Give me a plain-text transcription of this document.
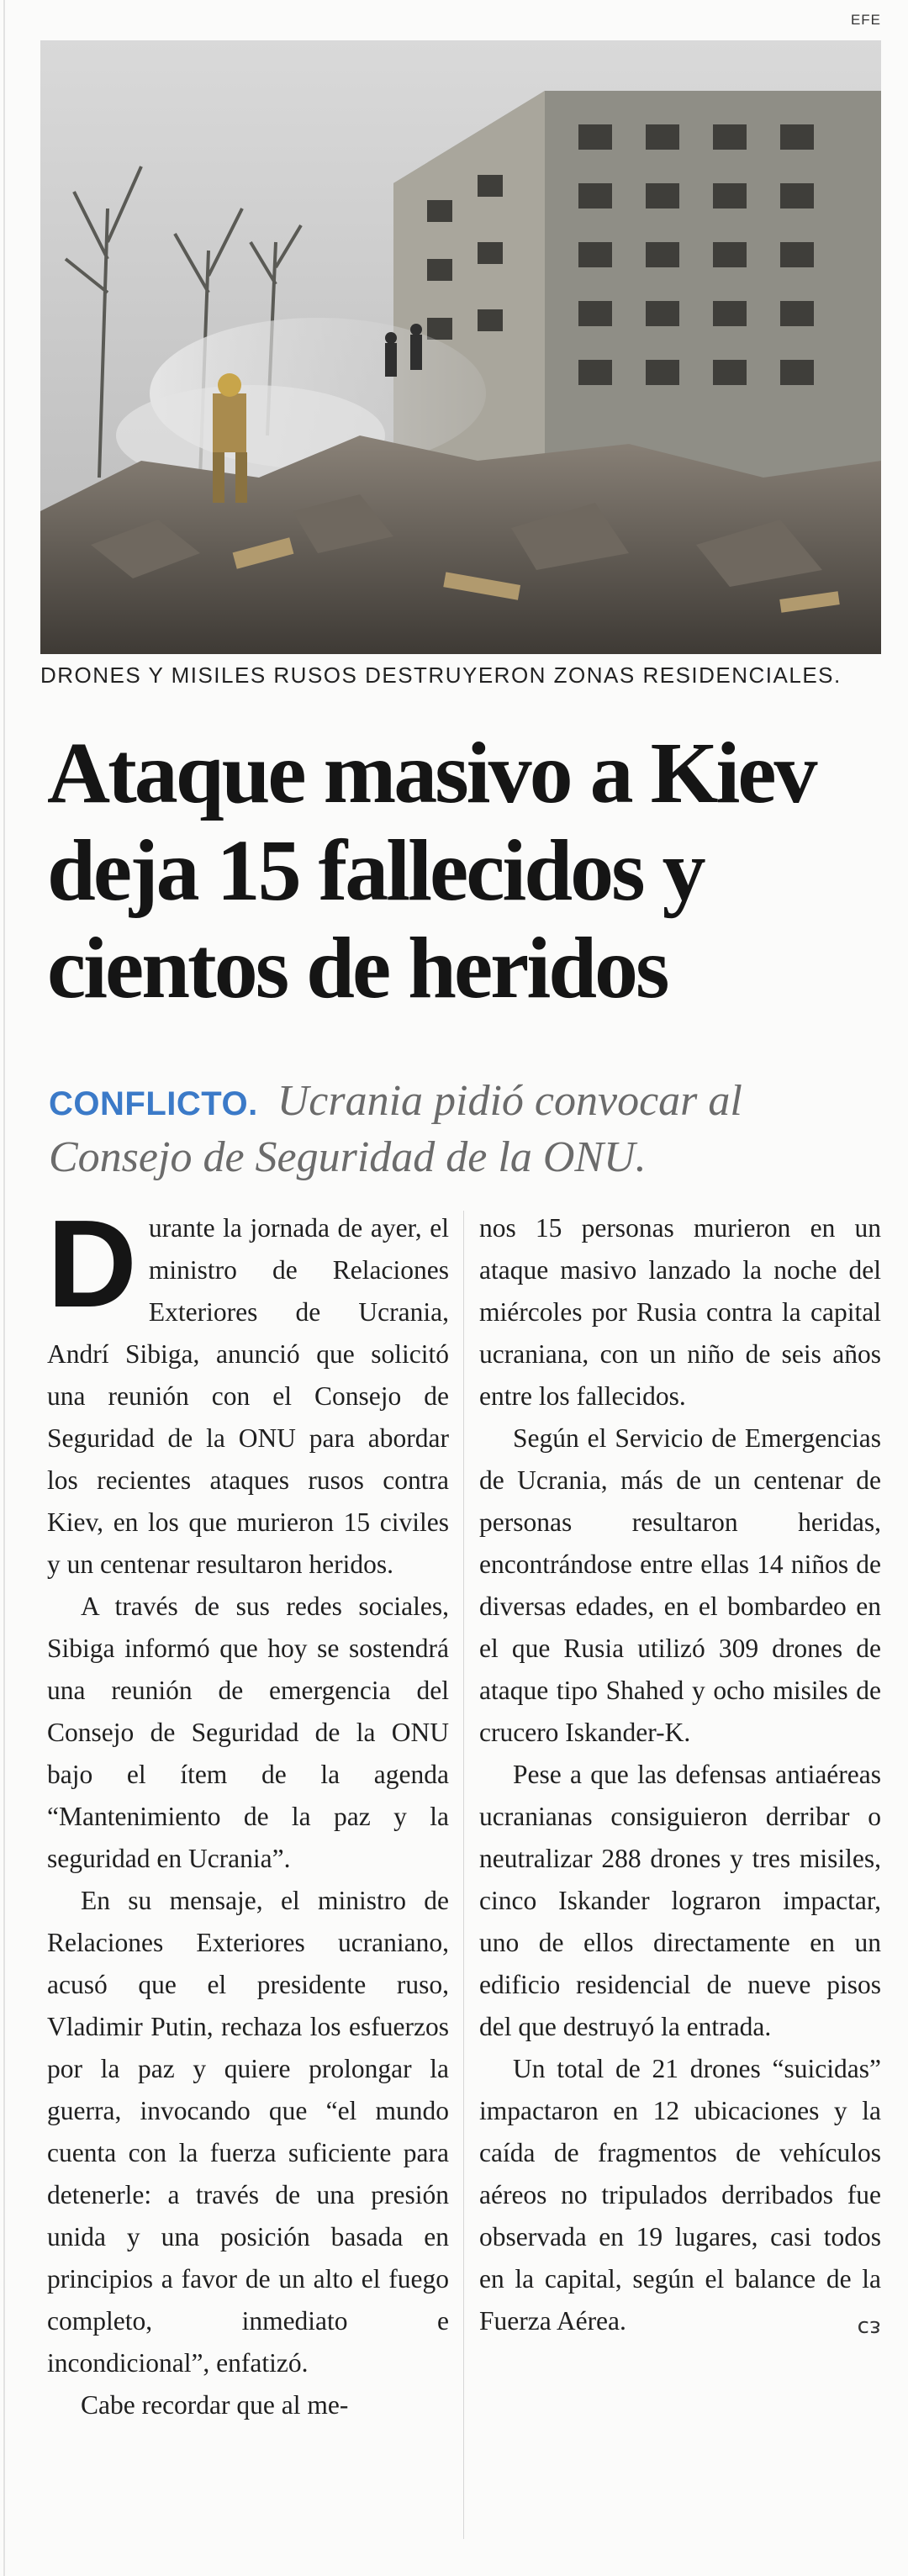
EFE
DRONES Y MISILES RUSOS DESTRUYERON ZONAS RESIDENCIALES.
Ataque masivo a Kiev
deja 15 fallecidos y
cientos de heridos

CONFLICTO. Ucrania pidió convocar al Consejo de Seguridad de la ONU.

Durante la jornada de ayer, el ministro de Relaciones Exteriores de Ucrania, Andrí Sibiga, anunció que solicitó una reunión con el Consejo de Seguridad de la ONU para abordar los recientes ataques rusos contra Kiev, en los que murieron 15 civiles y un centenar resultaron heridos.

A través de sus redes sociales, Sibiga informó que hoy se sostendrá una reunión de emergencia del Consejo de Seguridad de la ONU bajo el ítem de la agenda “Mantenimiento de la paz y la seguridad en Ucrania”.

En su mensaje, el ministro de Relaciones Exteriores ucraniano, acusó que el presidente ruso, Vladimir Putin, rechaza los esfuerzos por la paz y quiere prolongar la guerra, invocando que “el mundo cuenta con la fuerza suficiente para detenerle: a través de una presión unida y una posición basada en principios a favor de un alto el fuego completo, inmediato e incondicional”, enfatizó.

Cabe recordar que al me-

nos 15 personas murieron en un ataque masivo lanzado la noche del miércoles por Rusia contra la capital ucraniana, con un niño de seis años entre los fallecidos.

Según el Servicio de Emergencias de Ucrania, más de un centenar de personas resultaron heridas, encontrándose entre ellas 14 niños de diversas edades, en el bombardeo en el que Rusia utilizó 309 drones de ataque tipo Shahed y ocho misiles de crucero Iskander-K.

Pese a que las defensas antiaéreas ucranianas consiguieron derribar o neutralizar 288 drones y tres misiles, cinco Iskander lograron impactar, uno de ellos directamente en un edificio residencial de nueve pisos del que destruyó la entrada.

Un total de 21 drones “suicidas” impactaron en 12 ubicaciones y la caída de fragmentos de vehículos aéreos no tripulados derribados fue observada en 19 lugares, casi todos en la capital, según el balance de la Fuerza Aérea.	ᴄᴈ
